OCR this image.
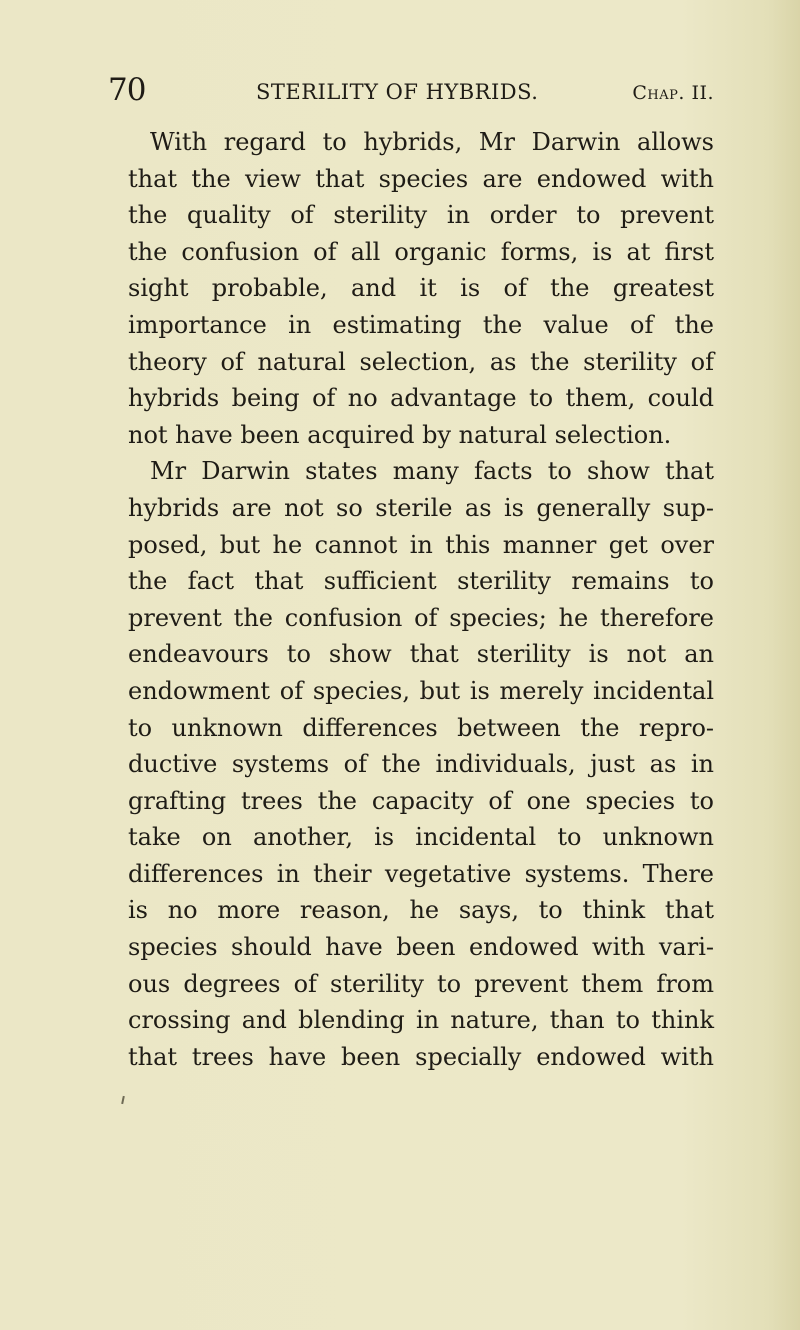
70	STERILITY OF HYBRIDS.	Chap. II.
With regard to hybrids, Mr Darwin allows
that the view that species are endowed with
the quality of sterility in order to prevent
the confusion of all organic forms, is at first
sight probable, and it is of the greatest
importance in estimating the value of the
theory of natural selection, as the sterility of
hybrids being of no advantage to them, could
not have been acquired by natural selection.
Mr Darwin states many facts to show that
hybrids are not so sterile as is generally sup-
posed, but he cannot in this manner get over
the fact that sufficient sterility remains to
prevent the confusion of species; he therefore
endeavours to show that sterility is not an
endowment of species, but is merely incidental
to unknown differences between the repro-
ductive systems of the individuals, just as in
grafting trees the capacity of one species to
take on another, is incidental to unknown
differences in their vegetative systems. There
is no more reason, he says, to think that
species should have been endowed with vari-
ous degrees of sterility to prevent them from
crossing and blending in nature, than to think
that trees have been specially endowed with
